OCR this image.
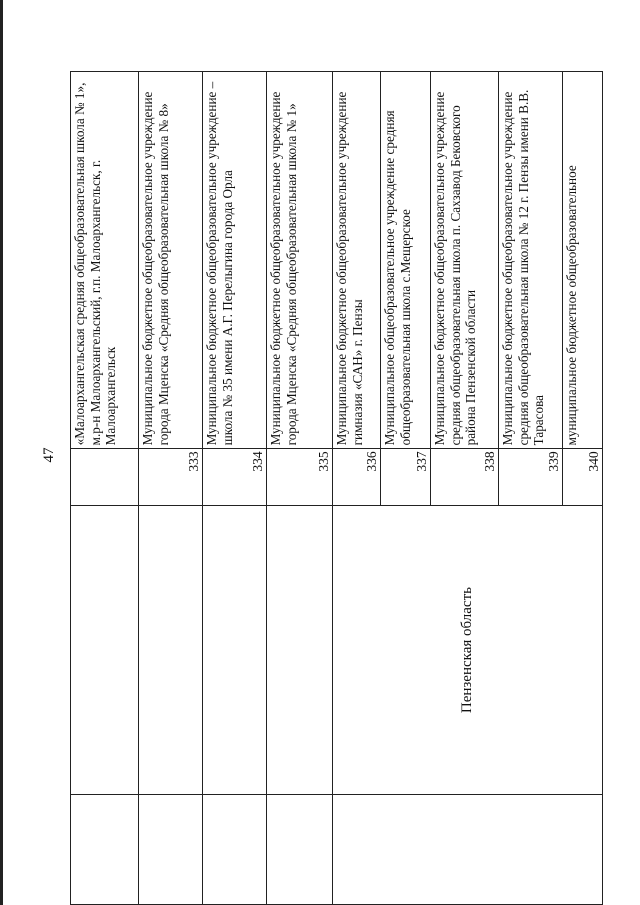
47
			«Малоархангельская средняя общеобразовательная школа № 1», м.р-н Малоархангельский, г.п. Малоархангельск, г. Малоархангельск
		333	Муниципальное бюджетное общеобразовательное учреждение города Мценска «Средняя общеобразовательная школа № 8»
		334	Муниципальное бюджетное общеобразовательное учреждение – школа № 35 имени А.Г. Перелыгина города Орла
		335	Муниципальное бюджетное общеобразовательное учреждение города Мценска «Средняя общеобразовательная школа № 1»
	Пензенская область	336	Муниципальное бюджетное общеобразовательное учреждение гимназия «САН» г. Пензы
		337	Муниципальное общеобразовательное учреждение средняя общеобразовательная школа с.Мещерское
		338	Муниципальное бюджетное общеобразовательное учреждение средняя общеобразовательная школа п. Сахзавод Бековского района Пензенской области
		339	Муниципальное бюджетное общеобразовательное учреждение средняя общеобразовательная школа № 12 г. Пензы имени В.В. Тарасова
		340	муниципальное бюджетное общеобразовательное
